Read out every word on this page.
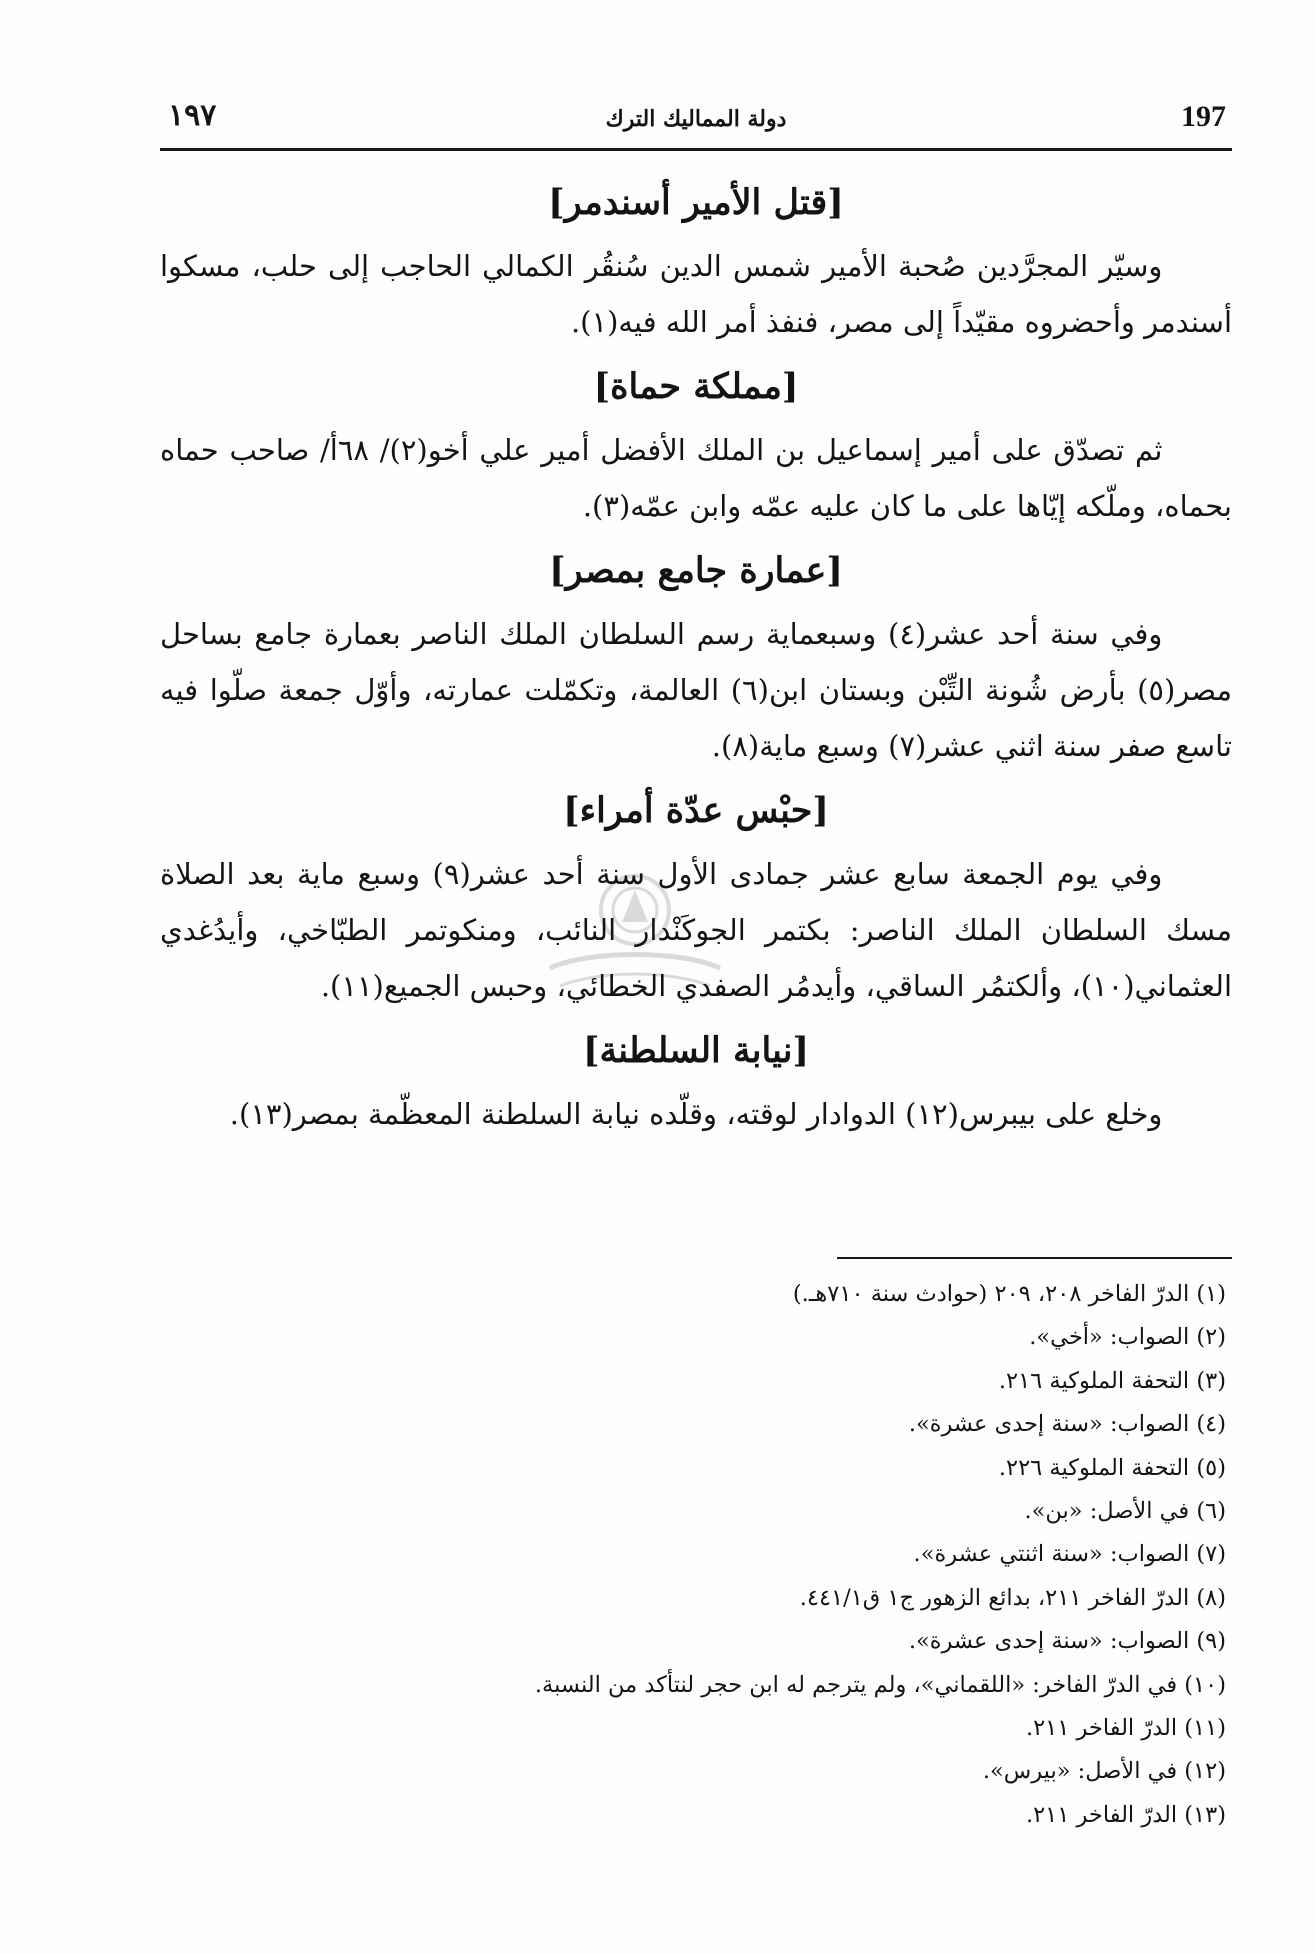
١٩٧	دولة المماليك الترك	197
[قتل الأمير أسندمر]

وسيّر المجرَّدين صُحبة الأمير شمس الدين سُنقُر الكمالي الحاجب إلى حلب، مسكوا أسندمر وأحضروه مقيّداً إلى مصر، فنفذ أمر الله فيه(١).

[مملكة حماة]

ثم تصدّق على أمير إسماعيل بن الملك الأفضل أمير علي أخو(٢)/ ٦٨أ/ صاحب حماه بحماه، وملّكه إيّاها على ما كان عليه عمّه وابن عمّه(٣).

[عمارة جامع بمصر]

وفي سنة أحد عشر(٤) وسبعماية رسم السلطان الملك الناصر بعمارة جامع بساحل مصر(٥) بأرض شُونة التِّبْن وبستان ابن(٦) العالمة، وتكمّلت عمارته، وأوّل جمعة صلّوا فيه تاسع صفر سنة اثني عشر(٧) وسبع ماية(٨).

[حبْس عدّة أمراء]

وفي يوم الجمعة سابع عشر جمادى الأول سنة أحد عشر(٩) وسبع ماية بعد الصلاة مسك السلطان الملك الناصر: بكتمر الجوكَنْدار النائب، ومنكوتمر الطبّاخي، وأيدُغدي العثماني(١٠)، وألكتمُر الساقي، وأيدمُر الصفدي الخطائي، وحبس الجميع(١١).

[نيابة السلطنة]

وخلع على بيبرس(١٢) الدوادار لوقته، وقلّده نيابة السلطنة المعظّمة بمصر(١٣).

(١) الدرّ الفاخر ٢٠٨، ٢٠٩ (حوادث سنة ٧١٠هـ.)
(٢) الصواب: «أخي».
(٣) التحفة الملوكية ٢١٦.
(٤) الصواب: «سنة إحدى عشرة».
(٥) التحفة الملوكية ٢٢٦.
(٦) في الأصل: «بن».
(٧) الصواب: «سنة اثنتي عشرة».
(٨) الدرّ الفاخر ٢١١، بدائع الزهور ج١ ق٤٤١/١.
(٩) الصواب: «سنة إحدى عشرة».
(١٠) في الدرّ الفاخر: «اللقماني»، ولم يترجم له ابن حجر لنتأكد من النسبة.
(١١) الدرّ الفاخر ٢١١.
(١٢) في الأصل: «بيرس».
(١٣) الدرّ الفاخر ٢١١.
